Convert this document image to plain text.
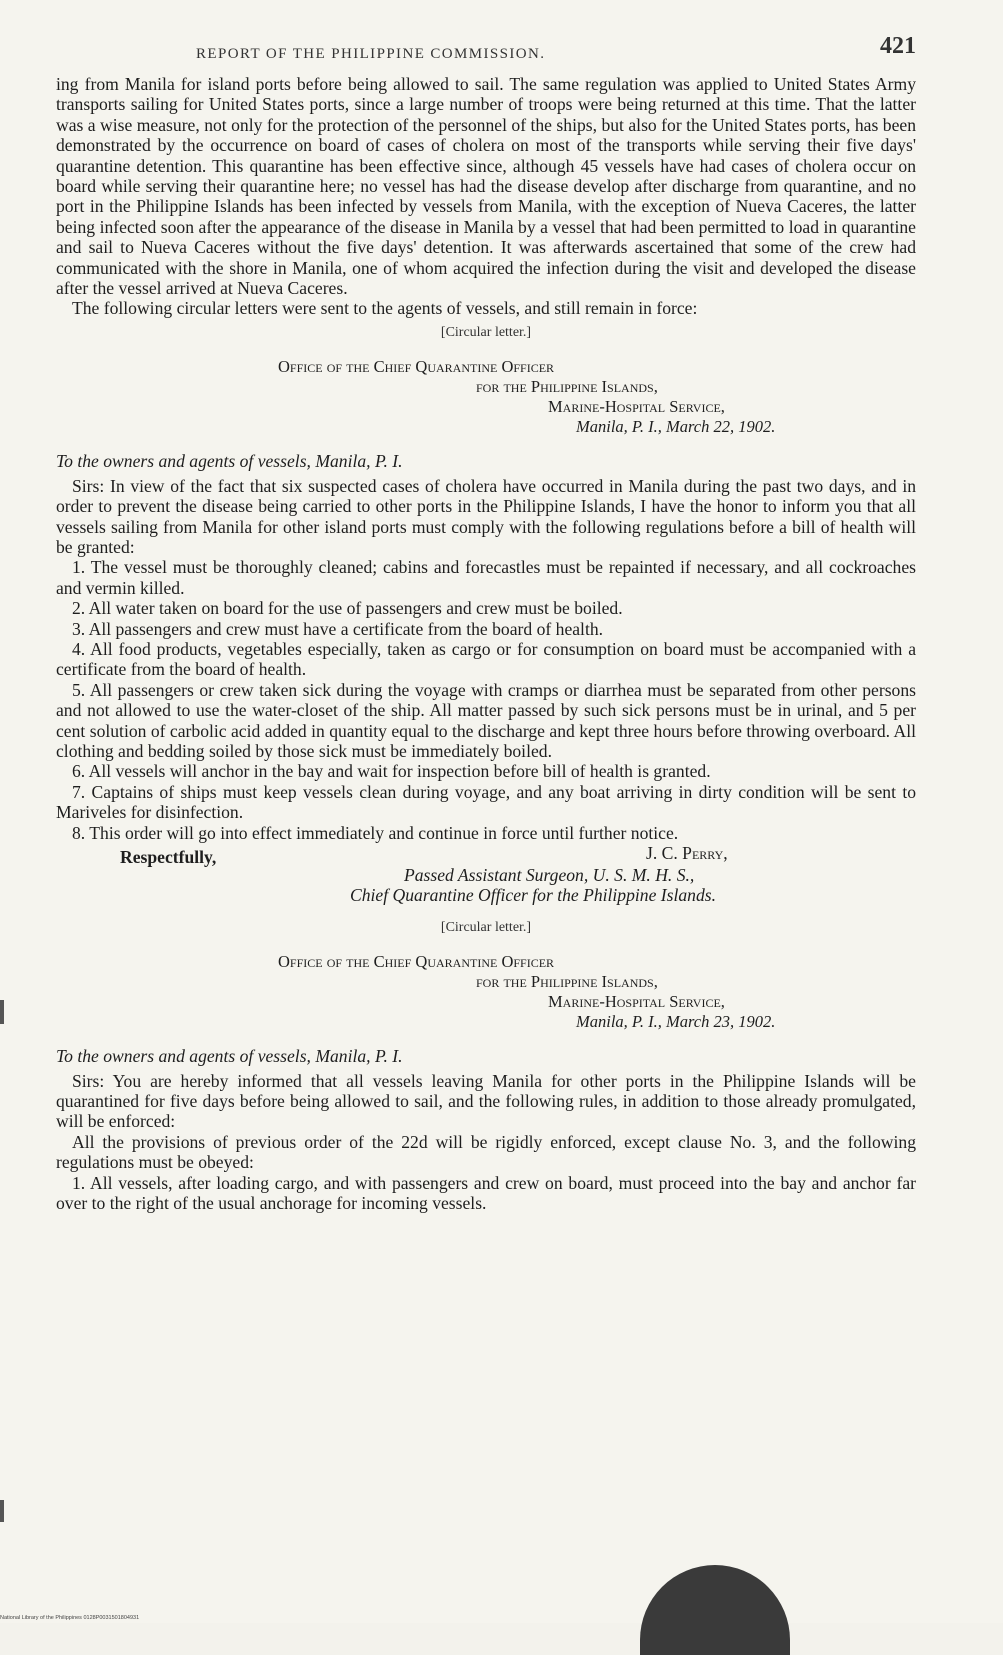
REPORT OF THE PHILIPPINE COMMISSION.	421

ing from Manila for island ports before being allowed to sail. The same regulation was applied to United States Army transports sailing for United States ports, since a large number of troops were being returned at this time. That the latter was a wise measure, not only for the protection of the personnel of the ships, but also for the United States ports, has been demonstrated by the occurrence on board of cases of cholera on most of the transports while serving their five days' quarantine detention. This quarantine has been effective since, although 45 vessels have had cases of cholera occur on board while serving their quarantine here; no vessel has had the disease develop after discharge from quarantine, and no port in the Philippine Islands has been infected by vessels from Manila, with the exception of Nueva Caceres, the latter being infected soon after the appearance of the disease in Manila by a vessel that had been permitted to load in quarantine and sail to Nueva Caceres without the five days' detention. It was afterwards ascertained that some of the crew had communicated with the shore in Manila, one of whom acquired the infection during the visit and developed the disease after the vessel arrived at Nueva Caceres.

The following circular letters were sent to the agents of vessels, and still remain in force:

[Circular letter.]
Office of the Chief Quarantine Officer
for the Philippine Islands,
Marine-Hospital Service,
Manila, P. I., March 22, 1902.

To the owners and agents of vessels, Manila, P. I.

Sirs: In view of the fact that six suspected cases of cholera have occurred in Manila during the past two days, and in order to prevent the disease being carried to other ports in the Philippine Islands, I have the honor to inform you that all vessels sailing from Manila for other island ports must comply with the following regulations before a bill of health will be granted:

1. The vessel must be thoroughly cleaned; cabins and forecastles must be repainted if necessary, and all cockroaches and vermin killed.

2. All water taken on board for the use of passengers and crew must be boiled.

3. All passengers and crew must have a certificate from the board of health.

4. All food products, vegetables especially, taken as cargo or for consumption on board must be accompanied with a certificate from the board of health.

5. All passengers or crew taken sick during the voyage with cramps or diarrhea must be separated from other persons and not allowed to use the water-closet of the ship. All matter passed by such sick persons must be in urinal, and 5 per cent solution of carbolic acid added in quantity equal to the discharge and kept three hours before throwing overboard. All clothing and bedding soiled by those sick must be immediately boiled.

6. All vessels will anchor in the bay and wait for inspection before bill of health is granted.

7. Captains of ships must keep vessels clean during voyage, and any boat arriving in dirty condition will be sent to Mariveles for disinfection.

8. This order will go into effect immediately and continue in force until further notice.

Respectfully,	J. C. Perry,
Passed Assistant Surgeon, U. S. M. H. S.,
Chief Quarantine Officer for the Philippine Islands.
[Circular letter.]
Office of the Chief Quarantine Officer
for the Philippine Islands,
Marine-Hospital Service,
Manila, P. I., March 23, 1902.

To the owners and agents of vessels, Manila, P. I.

Sirs: You are hereby informed that all vessels leaving Manila for other ports in the Philippine Islands will be quarantined for five days before being allowed to sail, and the following rules, in addition to those already promulgated, will be enforced:

All the provisions of previous order of the 22d will be rigidly enforced, except clause No. 3, and the following regulations must be obeyed:

1. All vessels, after loading cargo, and with passengers and crew on board, must proceed into the bay and anchor far over to the right of the usual anchorage for incoming vessels.

National Library of the Philippines 0128P0031501804931
